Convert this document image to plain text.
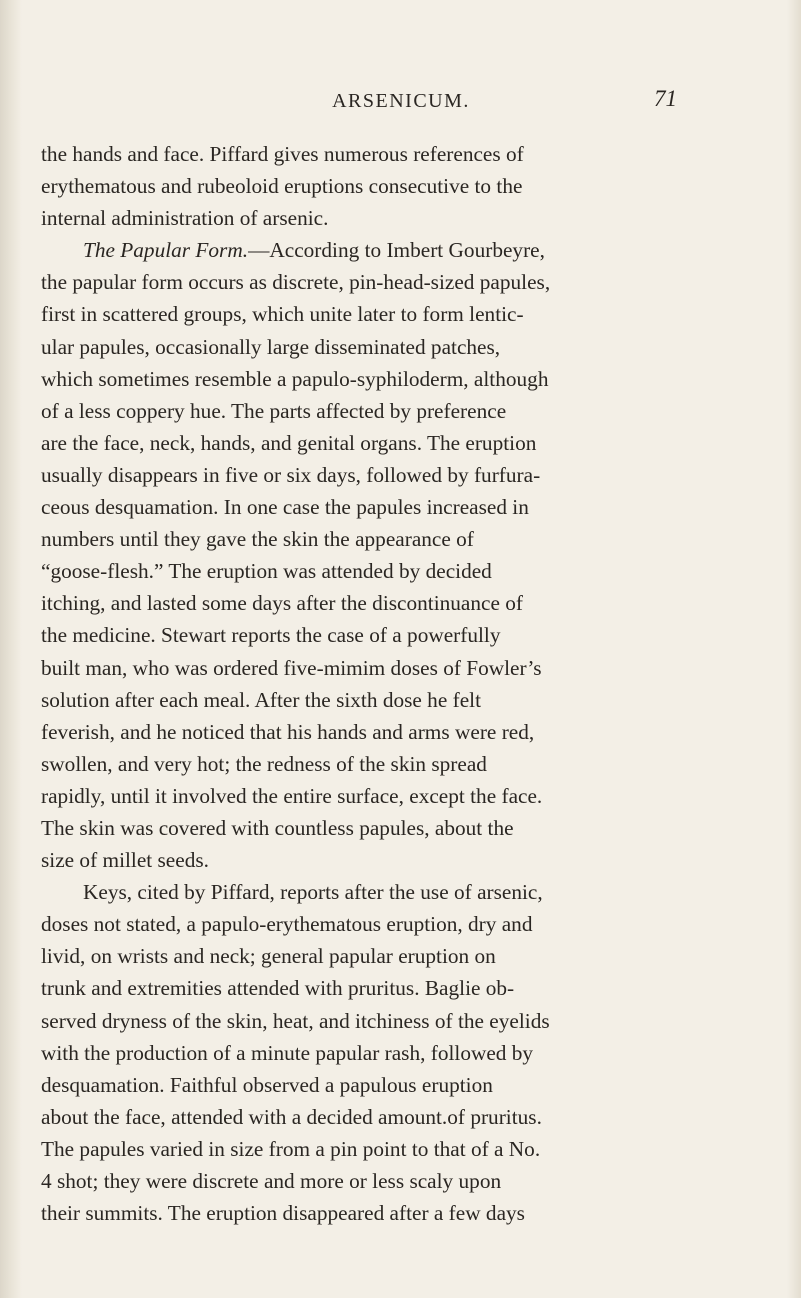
ARSENICUM.	71
the hands and face. Piffard gives numerous references of
erythematous and rubeoloid eruptions consecutive to the
internal administration of arsenic.
The Papular Form.—According to Imbert Gourbeyre,
the papular form occurs as discrete, pin-head-sized papules,
first in scattered groups, which unite later to form lentic-
ular papules, occasionally large disseminated patches,
which sometimes resemble a papulo-syphiloderm, although
of a less coppery hue. The parts affected by preference
are the face, neck, hands, and genital organs. The eruption
usually disappears in five or six days, followed by furfura-
ceous desquamation. In one case the papules increased in
numbers until they gave the skin the appearance of
“goose-flesh.” The eruption was attended by decided
itching, and lasted some days after the discontinuance of
the medicine. Stewart reports the case of a powerfully
built man, who was ordered five-mimim doses of Fowler’s
solution after each meal. After the sixth dose he felt
feverish, and he noticed that his hands and arms were red,
swollen, and very hot; the redness of the skin spread
rapidly, until it involved the entire surface, except the face.
The skin was covered with countless papules, about the
size of millet seeds.
Keys, cited by Piffard, reports after the use of arsenic,
doses not stated, a papulo-erythematous eruption, dry and
livid, on wrists and neck; general papular eruption on
trunk and extremities attended with pruritus. Baglie ob-
served dryness of the skin, heat, and itchiness of the eyelids
with the production of a minute papular rash, followed by
desquamation. Faithful observed a papulous eruption
about the face, attended with a decided amount.of pruritus.
The papules varied in size from a pin point to that of a No.
4 shot; they were discrete and more or less scaly upon
their summits. The eruption disappeared after a few days
